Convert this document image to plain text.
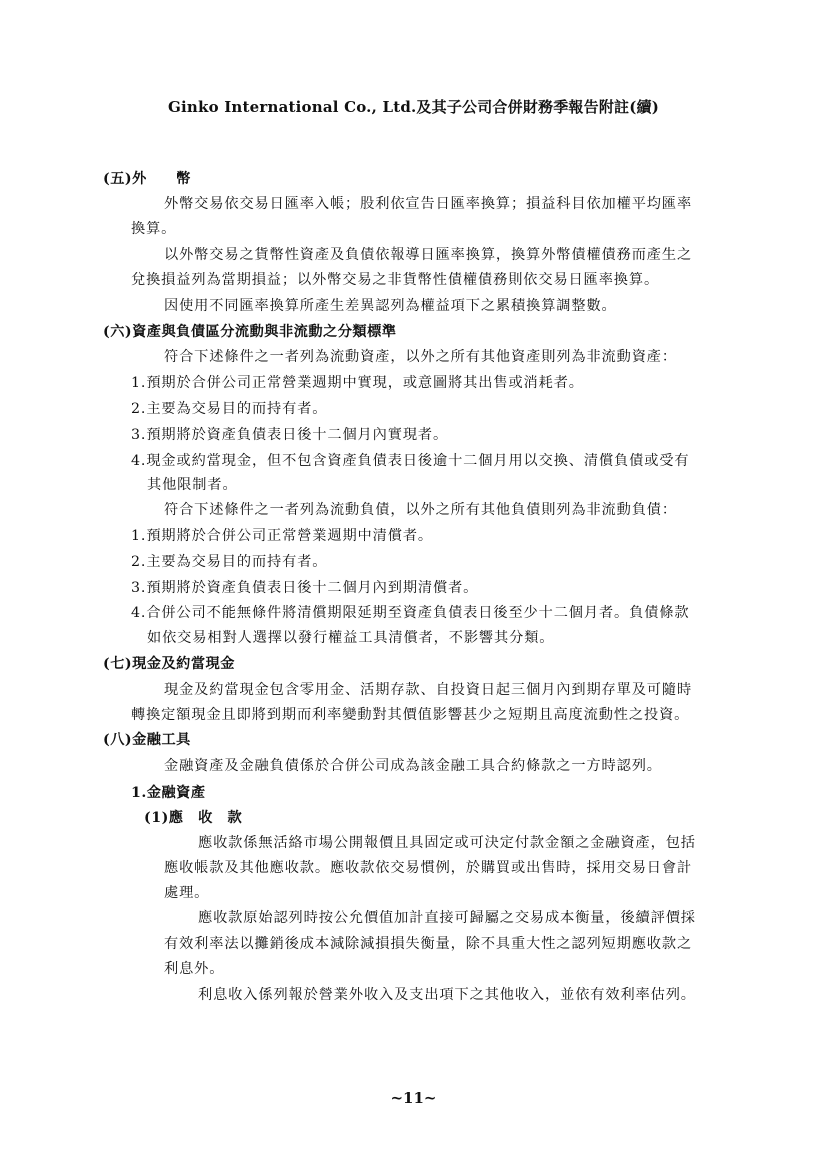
Ginko International Co., Ltd.及其子公司合併財務季報告附註(續)
(五)外　　幣
外幣交易依交易日匯率入帳；股利依宣告日匯率換算；損益科目依加權平均匯率
換算。
以外幣交易之貨幣性資產及負債依報導日匯率換算，換算外幣債權債務而產生之
兌換損益列為當期損益；以外幣交易之非貨幣性債權債務則依交易日匯率換算。
因使用不同匯率換算所產生差異認列為權益項下之累積換算調整數。
(六)資產與負債區分流動與非流動之分類標準
符合下述條件之一者列為流動資產，以外之所有其他資產則列為非流動資產：
1.預期於合併公司正常營業週期中實現，或意圖將其出售或消耗者。
2.主要為交易目的而持有者。
3.預期將於資產負債表日後十二個月內實現者。
4.現金或約當現金，但不包含資產負債表日後逾十二個月用以交換、清償負債或受有
其他限制者。
符合下述條件之一者列為流動負債，以外之所有其他負債則列為非流動負債：
1.預期將於合併公司正常營業週期中清償者。
2.主要為交易目的而持有者。
3.預期將於資產負債表日後十二個月內到期清償者。
4.合併公司不能無條件將清償期限延期至資產負債表日後至少十二個月者。負債條款
如依交易相對人選擇以發行權益工具清償者，不影響其分類。
(七)現金及約當現金
現金及約當現金包含零用金、活期存款、自投資日起三個月內到期存單及可隨時
轉換定額現金且即將到期而利率變動對其價值影響甚少之短期且高度流動性之投資。
(八)金融工具
金融資產及金融負債係於合併公司成為該金融工具合約條款之一方時認列。
1.金融資產
(1)應　收　款
應收款係無活絡市場公開報價且具固定或可決定付款金額之金融資產，包括
應收帳款及其他應收款。應收款依交易慣例，於購買或出售時，採用交易日會計
處理。
應收款原始認列時按公允價值加計直接可歸屬之交易成本衡量，後續評價採
有效利率法以攤銷後成本減除減損損失衡量，除不具重大性之認列短期應收款之
利息外。
利息收入係列報於營業外收入及支出項下之其他收入，並依有效利率估列。
~11~
